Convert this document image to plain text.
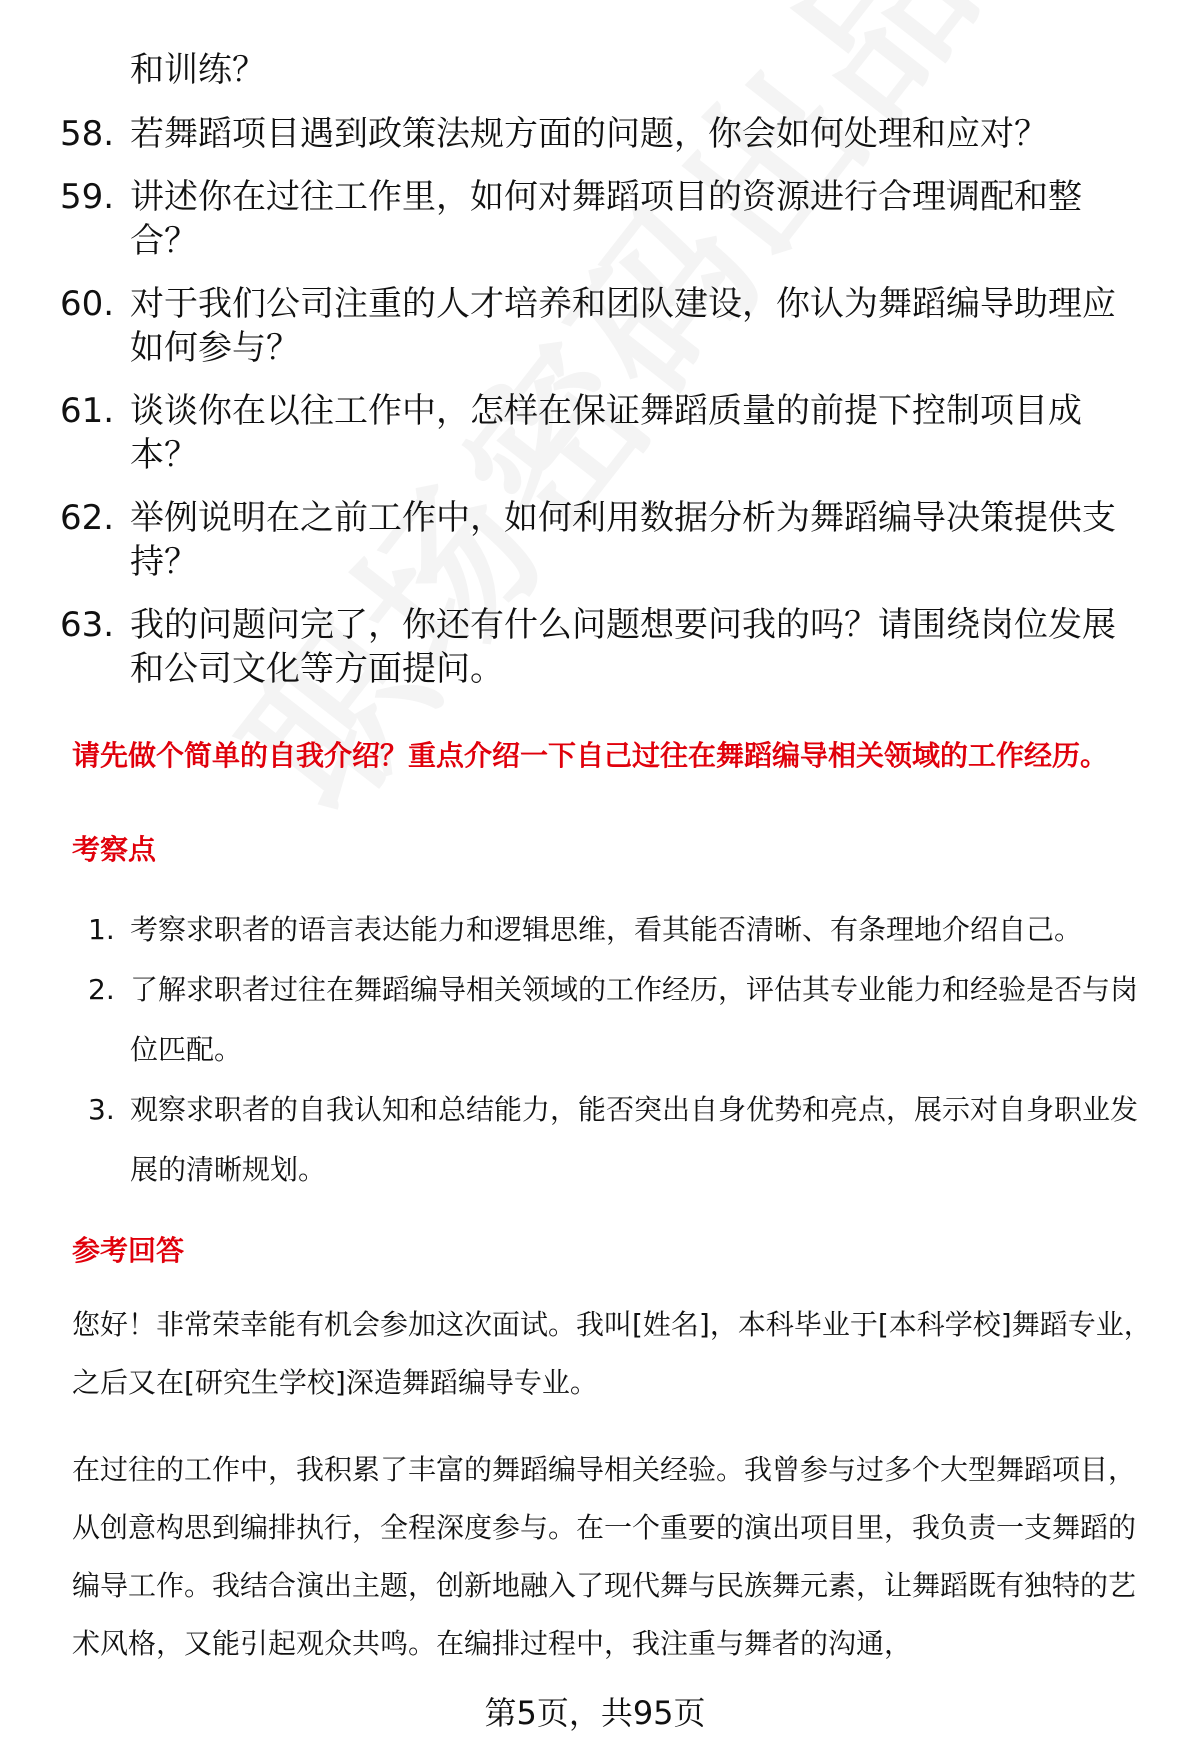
和训练？
58. 若舞蹈项目遇到政策法规方面的问题，你会如何处理和应对？
59. 讲述你在过往工作里，如何对舞蹈项目的资源进行合理调配和整合？
60. 对于我们公司注重的人才培养和团队建设，你认为舞蹈编导助理应如何参与？
61. 谈谈你在以往工作中，怎样在保证舞蹈质量的前提下控制项目成本？
62. 举例说明在之前工作中，如何利用数据分析为舞蹈编导决策提供支持？
63. 我的问题问完了，你还有什么问题想要问我的吗？请围绕岗位发展和公司文化等方面提问。
请先做个简单的自我介绍？重点介绍一下自己过往在舞蹈编导相关领域的工作经历。
考察点
1. 考察求职者的语言表达能力和逻辑思维，看其能否清晰、有条理地介绍自己。
2. 了解求职者过往在舞蹈编导相关领域的工作经历，评估其专业能力和经验是否与岗位匹配。
3. 观察求职者的自我认知和总结能力，能否突出自身优势和亮点，展示对自身职业发展的清晰规划。
参考回答
您好！非常荣幸能有机会参加这次面试。我叫[姓名]，本科毕业于[本科学校]舞蹈专业，之后又在[研究生学校]深造舞蹈编导专业。
在过往的工作中，我积累了丰富的舞蹈编导相关经验。我曾参与过多个大型舞蹈项目，从创意构思到编排执行，全程深度参与。在一个重要的演出项目里，我负责一支舞蹈的编导工作。我结合演出主题，创新地融入了现代舞与民族舞元素，让舞蹈既有独特的艺术风格，又能引起观众共鸣。在编排过程中，我注重与舞者的沟通，
第5页，共95页
